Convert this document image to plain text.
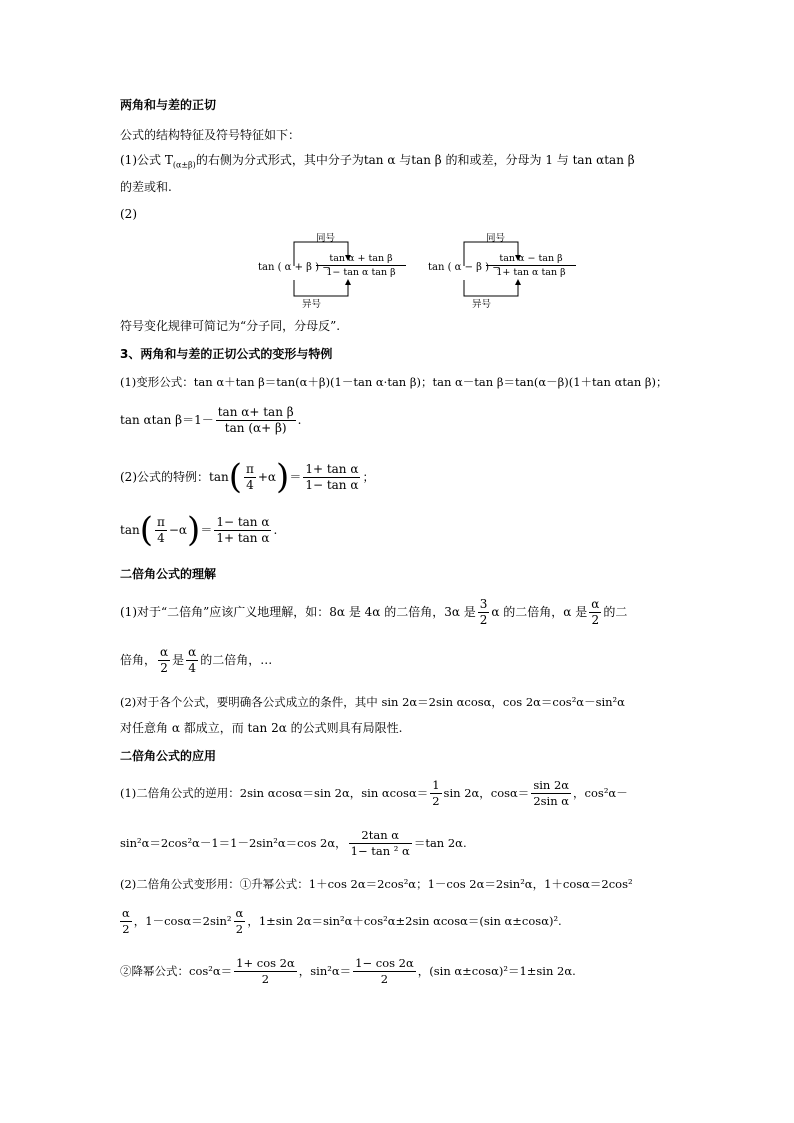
两角和与差的正切
公式的结构特征及符号特征如下：
(1)公式 $T_{(\alpha\pm\beta)}$的右侧为分式形式，其中分子为tan α 与tan β 的和或差，分母为 1 与 tan αtan β
的差或和.
(2)
同号
tan ( α + β ) =
$\frac{\text{tan α + tan β}}{\text{1− tan α tan β}}$
异号
同号
tan ( α − β ) =
$\frac{\text{tan α − tan β}}{\text{1+ tan α tan β}}$
异号
符号变化规律可简记为“分子同，分母反”.
3、两角和与差的正切公式的变形与特例
(1)变形公式：tan α＋tan β＝tan(α＋β)(1－tan α·tan β)；tan α－tan β＝tan(α－β)(1＋tan αtan β)；
tan αtan $\beta=1- \frac{\text{tan α+ tan β}}{\tan (\alpha+ \beta)}$ .
(2)公式的特例：tan ( $\frac{\pi}{4} +\alpha$ ) ＝ $\frac{\text{1+ tan α}}{\text{1− tan α}}$ ；
tan ( $\frac{\pi}{4} -\alpha$ ) ＝ $\frac{\text{1− tan α}}{\text{1+ tan α}}$ .
二倍角公式的理解
(1)对于“二倍角”应该广义地理解，如：8α 是 4α 的二倍角，3α 是 $\frac{3}{2}$ α 的二倍角，α 是 $\frac{\alpha}{2}$ 的二
倍角， $\frac{\alpha}{2}$ 是 $\frac{\alpha}{4}$ 的二倍角，…
(2)对于各个公式，要明确各公式成立的条件，其中 sin 2α＝2sin αcosα，cos 2α＝cos²α－sin²α
对任意角 α 都成立，而 tan 2α 的公式则具有局限性.
二倍角公式的应用
(1)二倍角公式的逆用：2sin αcosα＝sin 2α，$\sin \alpha\cos\alpha= \frac{1}{2}$ sin 2α，$\cos\alpha= \frac{\sin 2\alpha}{\text{2sin α}}$ ，cos²α－
sin²α＝2cos²α－1＝1－2sin²α＝cos 2α， $\frac{\text{2tan α}}{\text{1− tan ² α}} =\tan$ 2α.
(2)二倍角公式变形用：①升幂公式：1＋cos 2α＝2cos²α；1－cos 2α＝2sin²α，1＋cosα＝2cos²
$\frac{\alpha}{2}$ ，$1-\cos\alpha=2\sin^2 \frac{\alpha}{2}$ ，1±sin 2α＝sin²α＋cos²α±2sin αcosα＝(sin α±cosα)².
②降幂公式：$\cos^2\alpha= \frac{1+ \cos 2\alpha}{2}$ ，$\sin^2\alpha= \frac{1- \cos 2\alpha}{2}$ ，(sin α±cosα)²＝1±sin 2α.
